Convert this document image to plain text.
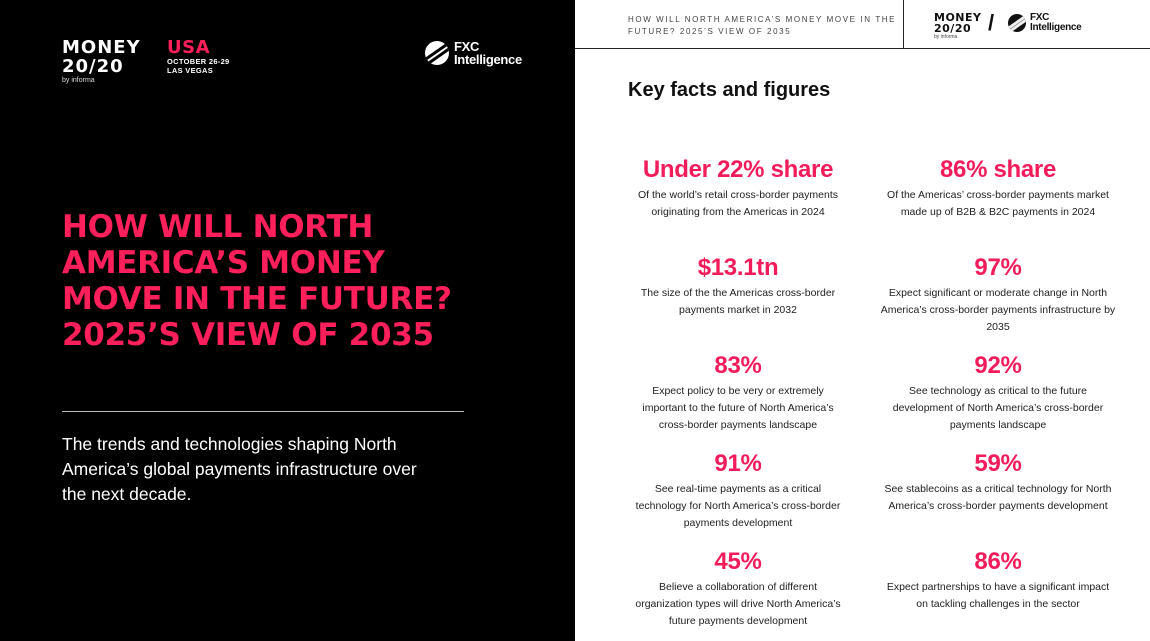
MONEY
20/20
by informa
USA
OCTOBER 26-29
LAS VEGAS
FXC
Intelligence
HOW WILL NORTH AMERICA’S MONEY MOVE IN THE FUTURE? 2025’S VIEW OF 2035
The trends and technologies shaping North America’s global payments infrastructure over the next decade.
HOW WILL NORTH AMERICA’S MONEY MOVE IN THE FUTURE? 2025’S VIEW OF 2035
MONEY
20/20
by informa
/	FXC
Intelligence
Key facts and figures
Under 22% share
Of the world’s retail cross-border payments originating from the Americas in 2024
86% share
Of the Americas’ cross-border payments market made up of B2B & B2C payments in 2024
$13.1tn
The size of the the Americas cross-border payments market in 2032
97%
Expect significant or moderate change in North America’s cross-border payments infrastructure by 2035
83%
Expect policy to be very or extremely important to the future of North America’s cross-border payments landscape
92%
See technology as critical to the future development of North America’s cross-border payments landscape
91%
See real-time payments as a critical technology for North America’s cross-border payments development
59%
See stablecoins as a critical technology for North America’s cross-border payments development
45%
Believe a collaboration of different organization types will drive North America’s future payments development
86%
Expect partnerships to have a significant impact on tackling challenges in the sector
